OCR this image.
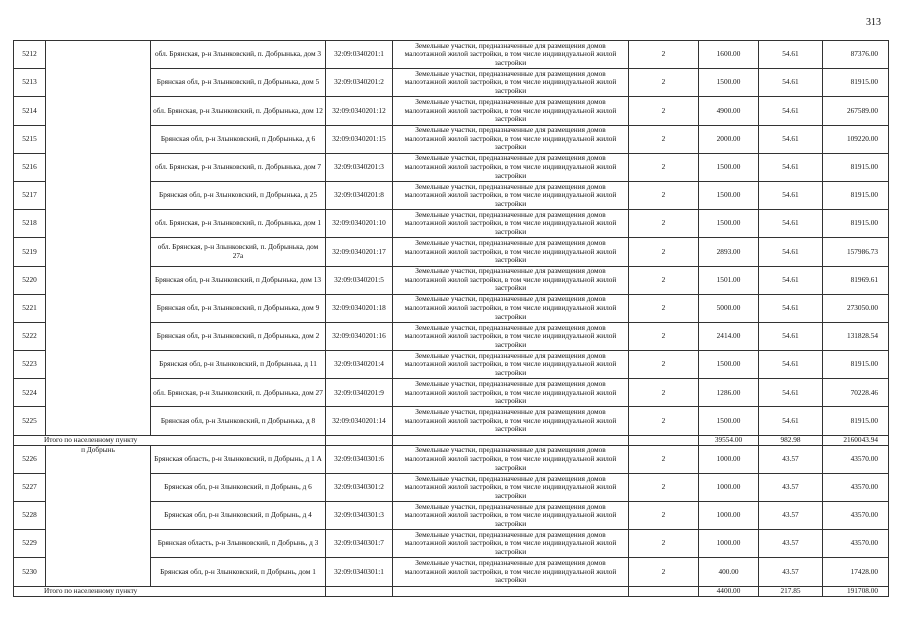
313
5212		обл. Брянская, р-н Злынковский, п. Добрынька, дом 3	32:09:0340201:1	Земельные участки, предназначенные для размещения домов малоэтажной жилой застройки, в том числе индивидуальной жилой застройки	2	1600.00	54.61	87376.00
5213		Брянская обл, р-н Злынковский, п Добрынька, дом 5	32:09:0340201:2	Земельные участки, предназначенные для размещения домов малоэтажной жилой застройки, в том числе индивидуальной жилой застройки	2	1500.00	54.61	81915.00
5214		обл. Брянская, р-н Злынковский, п. Добрынька, дом 12	32:09:0340201:12	Земельные участки, предназначенные для размещения домов малоэтажной жилой застройки, в том числе индивидуальной жилой застройки	2	4900.00	54.61	267589.00
5215		Брянская обл, р-н Злынковский, п Добрынька, д 6	32:09:0340201:15	Земельные участки, предназначенные для размещения домов малоэтажной жилой застройки, в том числе индивидуальной жилой застройки	2	2000.00	54.61	109220.00
5216		обл. Брянская, р-н Злынковский, п. Добрынька, дом 7	32:09:0340201:3	Земельные участки, предназначенные для размещения домов малоэтажной жилой застройки, в том числе индивидуальной жилой застройки	2	1500.00	54.61	81915.00
5217		Брянская обл, р-н Злынковский, п Добрынька, д 25	32:09:0340201:8	Земельные участки, предназначенные для размещения домов малоэтажной жилой застройки, в том числе индивидуальной жилой застройки	2	1500.00	54.61	81915.00
5218		обл. Брянская, р-н Злынковский, п. Добрынька, дом 1	32:09:0340201:10	Земельные участки, предназначенные для размещения домов малоэтажной жилой застройки, в том числе индивидуальной жилой застройки	2	1500.00	54.61	81915.00
5219		обл. Брянская, р-н Злынковский, п. Добрынька, дом 27а	32:09:0340201:17	Земельные участки, предназначенные для размещения домов малоэтажной жилой застройки, в том числе индивидуальной жилой застройки	2	2893.00	54.61	157986.73
5220		Брянская обл, р-н Злынковский, п Добрынька, дом 13	32:09:0340201:5	Земельные участки, предназначенные для размещения домов малоэтажной жилой застройки, в том числе индивидуальной жилой застройки	2	1501.00	54.61	81969.61
5221		Брянская обл, р-н Злынковский, п Добрынька, дом 9	32:09:0340201:18	Земельные участки, предназначенные для размещения домов малоэтажной жилой застройки, в том числе индивидуальной жилой застройки	2	5000.00	54.61	273050.00
5222		Брянская обл, р-н Злынковский, п Добрынька, дом 2	32:09:0340201:16	Земельные участки, предназначенные для размещения домов малоэтажной жилой застройки, в том числе индивидуальной жилой застройки	2	2414.00	54.61	131828.54
5223		Брянская обл, р-н Злынковский, п Добрынька, д 11	32:09:0340201:4	Земельные участки, предназначенные для размещения домов малоэтажной жилой застройки, в том числе индивидуальной жилой застройки	2	1500.00	54.61	81915.00
5224		обл. Брянская, р-н Злынковский, п. Добрынька, дом 27	32:09:0340201:9	Земельные участки, предназначенные для размещения домов малоэтажной жилой застройки, в том числе индивидуальной жилой застройки	2	1286.00	54.61	70228.46
5225		Брянская обл, р-н Злынковский, п Добрынька, д 8	32:09:0340201:14	Земельные участки, предназначенные для размещения домов малоэтажной жилой застройки, в том числе индивидуальной жилой застройки	2	1500.00	54.61	81915.00
Итого по населенному пункту						39554.00	982.98	2160043.94
5226	п Добрынь	Брянская область, р-н Злынковский, п Добрынь, д 1 А	32:09:0340301:6	Земельные участки, предназначенные для размещения домов малоэтажной жилой застройки, в том числе индивидуальной жилой застройки	2	1000.00	43.57	43570.00
5227		Брянская обл, р-н Злынковский, п Добрынь, д 6	32:09:0340301:2	Земельные участки, предназначенные для размещения домов малоэтажной жилой застройки, в том числе индивидуальной жилой застройки	2	1000.00	43.57	43570.00
5228		Брянская обл, р-н Злынковский, п Добрынь, д 4	32:09:0340301:3	Земельные участки, предназначенные для размещения домов малоэтажной жилой застройки, в том числе индивидуальной жилой застройки	2	1000.00	43.57	43570.00
5229		Брянская область, р-н Злынковский, п Добрынь, д 3	32:09:0340301:7	Земельные участки, предназначенные для размещения домов малоэтажной жилой застройки, в том числе индивидуальной жилой застройки	2	1000.00	43.57	43570.00
5230		Брянская обл, р-н Злынковский, п Добрынь, дом 1	32:09:0340301:1	Земельные участки, предназначенные для размещения домов малоэтажной жилой застройки, в том числе индивидуальной жилой застройки	2	400.00	43.57	17428.00
Итого по населенному пункту						4400.00	217.85	191708.00
